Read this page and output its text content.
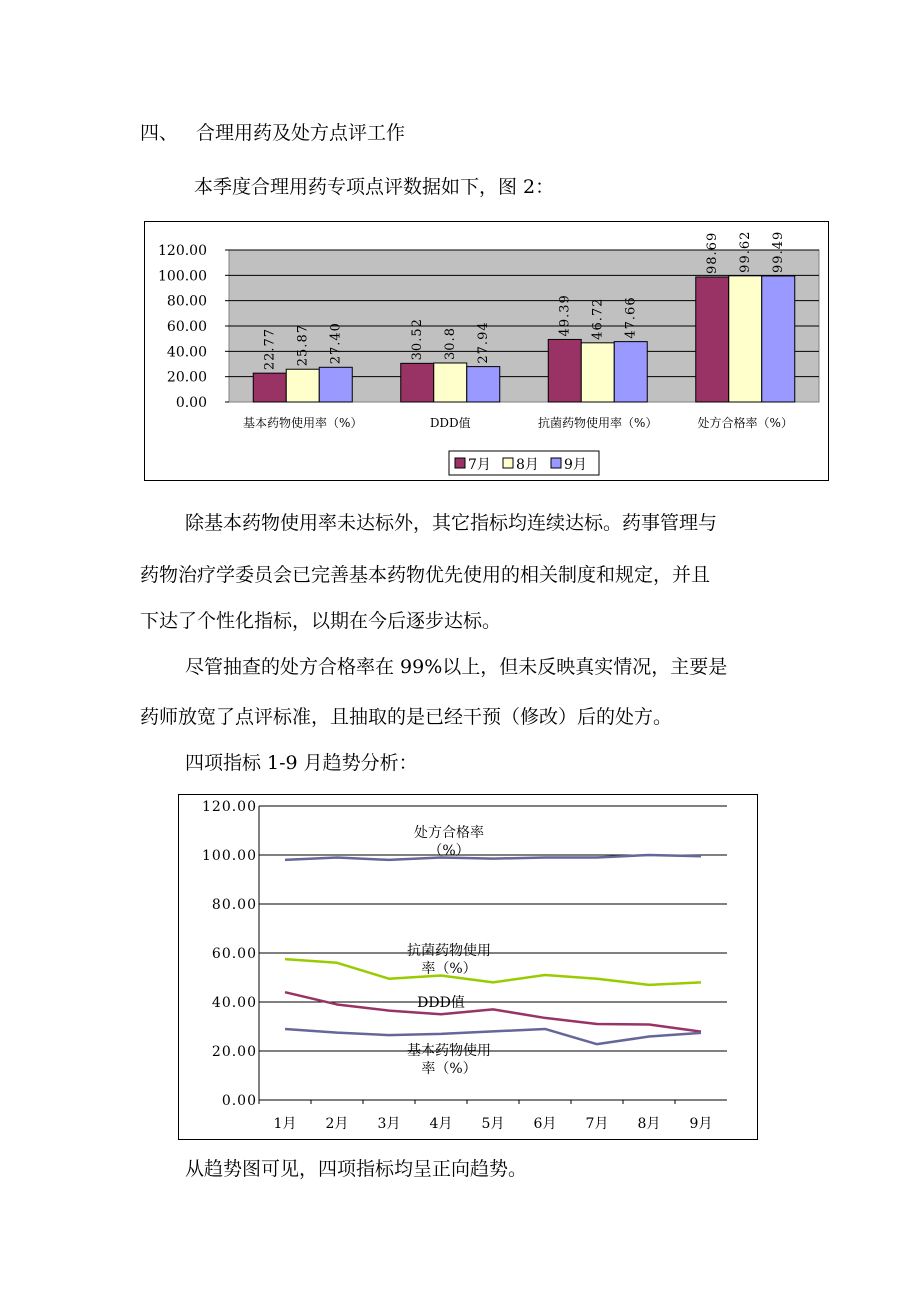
四、 合理用药及处方点评工作

本季度合理用药专项点评数据如下，图 2：

0.00
20.00
40.00
60.00
80.00
100.00
120.00
基本药物使用率（%）
22.77 25.87 27.40
DDD值
30.52 30.8 27.94
抗菌药物使用率（%）
49.39 46.72 47.66
处方合格率（%）
98.69 99.62 99.49
7月 8月 9月

除基本药物使用率未达标外，其它指标均连续达标。药事管理与

药物治疗学委员会已完善基本药物优先使用的相关制度和规定，并且

下达了个性化指标，以期在今后逐步达标。

尽管抽查的处方合格率在 99%以上，但未反映真实情况，主要是

药师放宽了点评标准，且抽取的是已经干预（修改）后的处方。

四项指标 1-9 月趋势分析：

0.00
20.00
40.00
60.00
80.00
100.00
120.00
1月 2月 3月 4月 5月 6月 7月 8月 9月
处方合格率
（%）
抗菌药物使用
率（%）
DDD值
基本药物使用
率（%）

从趋势图可见，四项指标均呈正向趋势。
